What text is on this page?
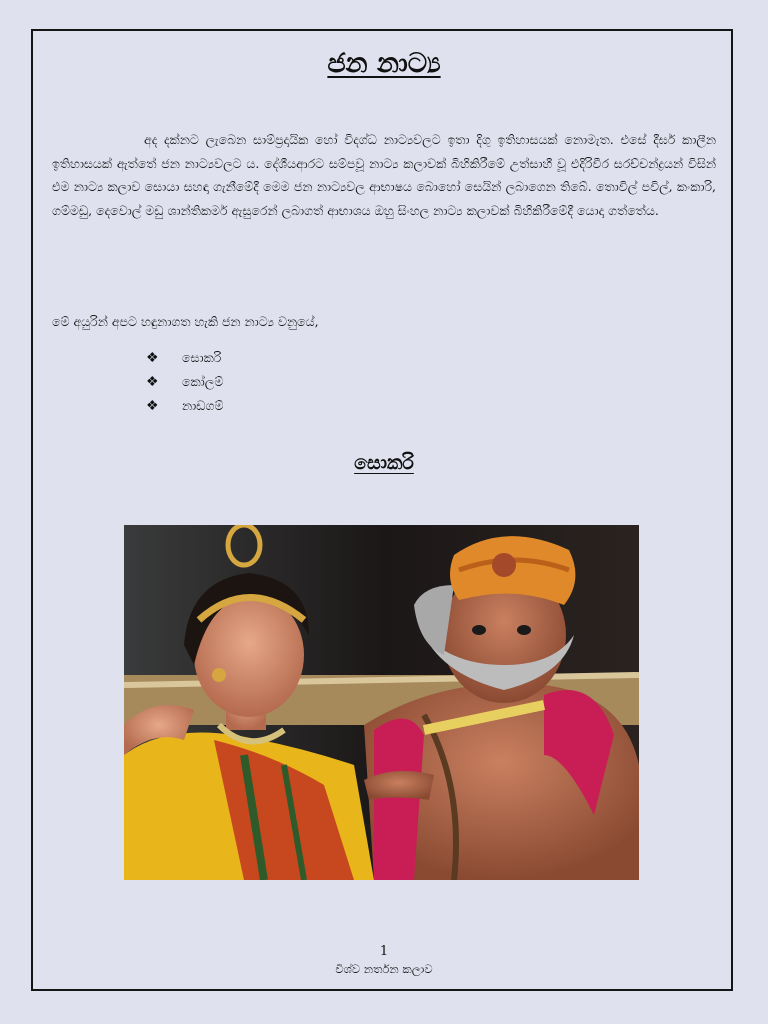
ජන නාට්‍ය

අද දක්නට ලැබෙන සාම්ප්‍රදායික හෝ විදග්ධ නාට්‍යවලට ඉතා දිගු ඉතිහාසයක් නොමැත. එසේ දීර්ඝ කාලීන ඉතිහාසයක් ඇත්තේ ජන නාට්‍යවලට ය. දේශීයආරට සම්පවූ නාට්‍ය කලාවක් බිහිකිරීමේ උත්සාහී වූ එදිරිවීර සරච්චන්ද්‍රයන් විසින් එම නාට්‍ය කලාව සොයා සහඳා ගැනීමේදී මෙම ජන නාට්‍යවල ආභාෂය බොහෝ සෙයින් ලබාගෙන තිබේ. තොවිල් පවිල්, කංකාරි, ගම්මඩු, දෙවොල් මඩු ශාන්තිකර්ම ඇසුරෙන් ලබාගත් ආභාශය ඔහු සිංහල නාට්‍ය කලාවක් බිහිකිරීමේදී යොදා ගත්තේය.

මේ අයුරින් අපට හඳුනාගත හැකි ජන නාට්‍ය වනුයේ,

❖	සොකරි
❖	කෝලම්
❖	නාඩගම්
සොකරි
1
විශ්ව නර්තන කලාව
